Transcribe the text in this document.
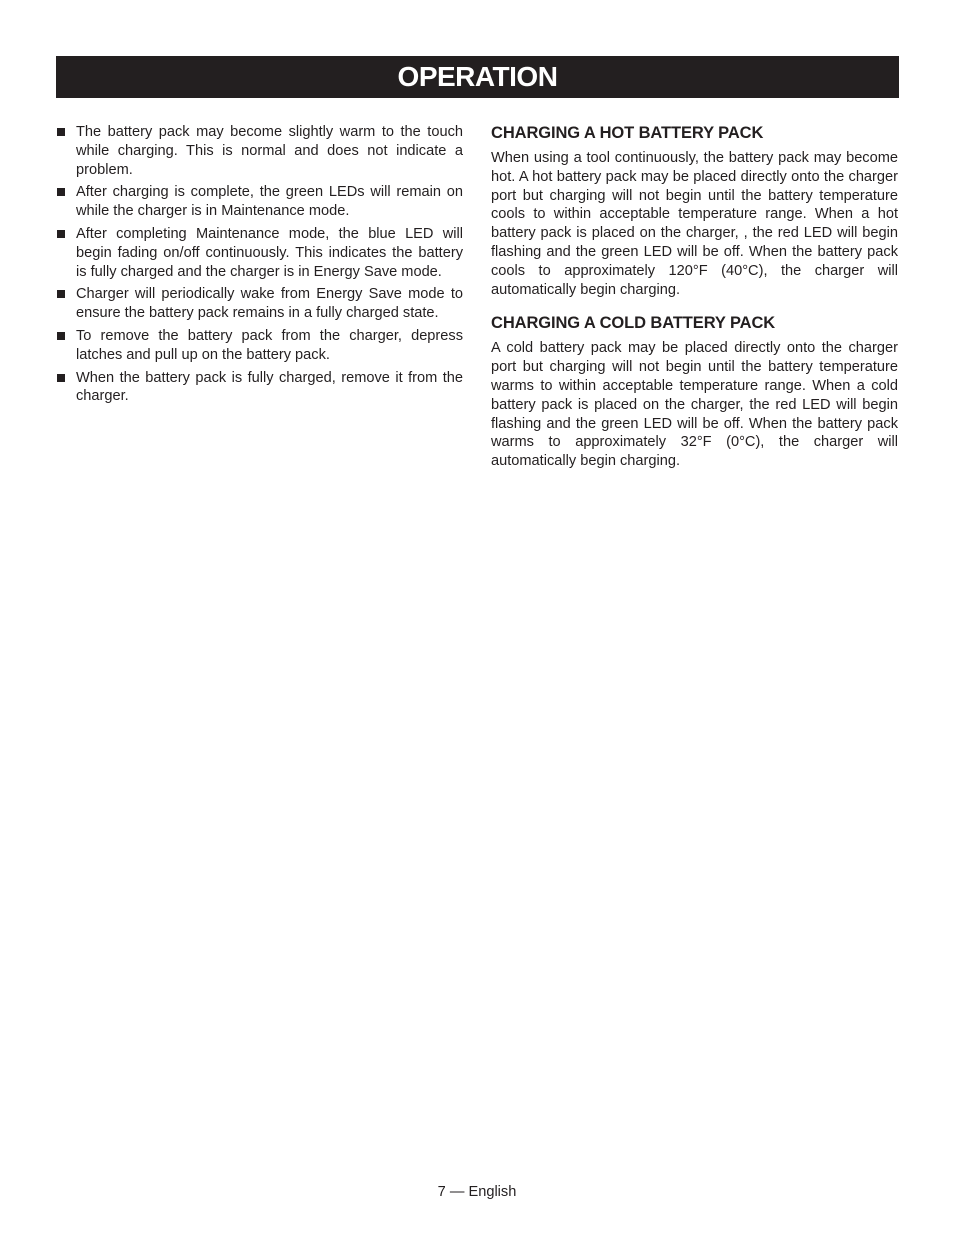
OPERATION
The battery pack may become slightly warm to the touch while charging. This is normal and does not indicate a problem.
After charging is complete, the green LEDs will remain on while the charger is in Maintenance mode.
After completing Maintenance mode, the blue LED will begin fading on/off continuously. This indicates the battery is fully charged and the charger is in Energy Save mode.
Charger will periodically wake from Energy Save mode to ensure the battery pack remains in a fully charged state.
To remove the battery pack from the charger, depress latches and pull up on the battery pack.
When the battery pack is fully charged, remove it from the charger.
CHARGING A HOT BATTERY PACK

When using a tool continuously, the battery pack may become hot. A hot battery pack may be placed directly onto the charger port but charging will not begin until the battery temperature cools to within acceptable temperature range. When a hot battery pack is placed on the charger, , the red LED will begin flashing and the green LED will be off. When the battery pack cools to approximately 120°F (40°C), the charger will automatically begin charging.

CHARGING A COLD BATTERY PACK

A cold battery pack may be placed directly onto the charger port but charging will not begin until the battery temperature warms to within acceptable temperature range. When a cold battery pack is placed on the charger, the red LED will begin flashing and the green LED will be off. When the battery pack warms to approximately 32°F (0°C), the charger will automatically begin charging.

7 — English
